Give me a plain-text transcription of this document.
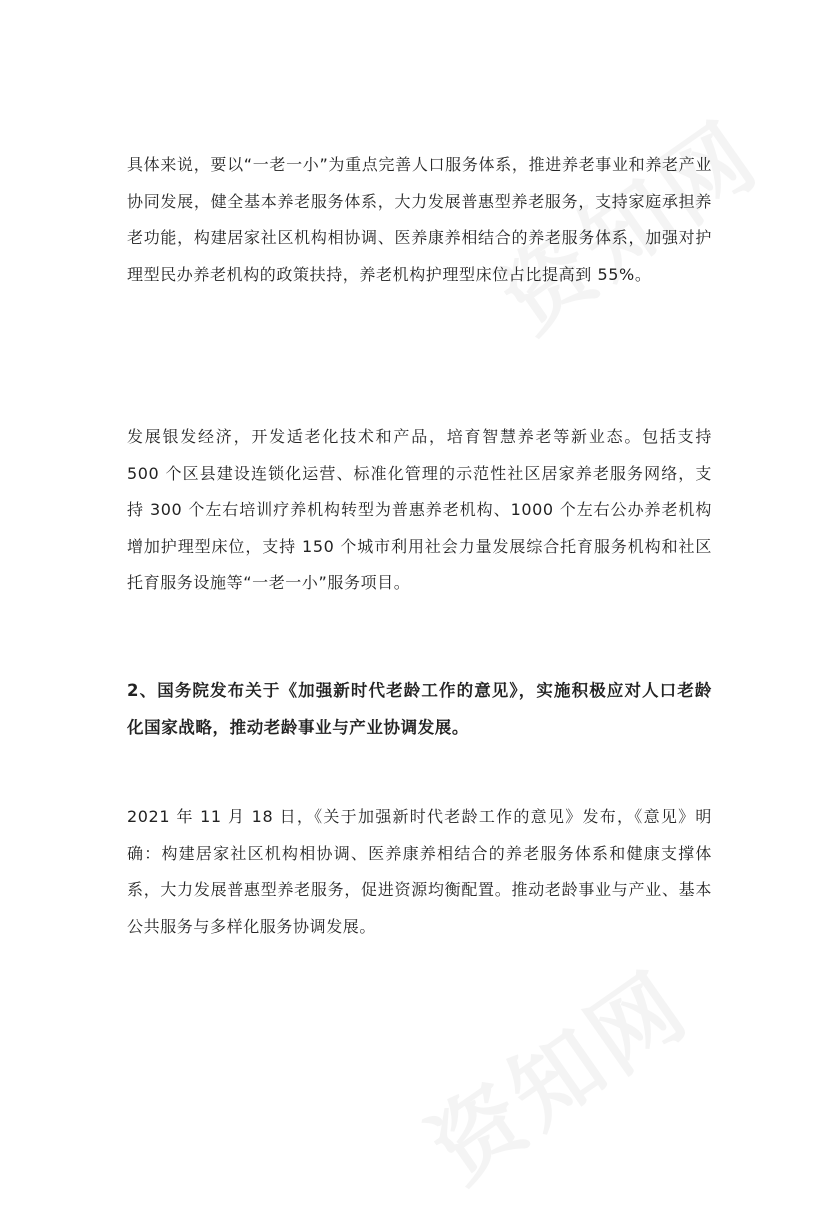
具体来说，要以“一老一小”为重点完善人口服务体系，推进养老事业和养老产业协同发展，健全基本养老服务体系，大力发展普惠型养老服务，支持家庭承担养老功能，构建居家社区机构相协调、医养康养相结合的养老服务体系，加强对护理型民办养老机构的政策扶持，养老机构护理型床位占比提高到 55%。

发展银发经济，开发适老化技术和产品，培育智慧养老等新业态。包括支持 500 个区县建设连锁化运营、标准化管理的示范性社区居家养老服务网络，支持 300 个左右培训疗养机构转型为普惠养老机构、1000 个左右公办养老机构增加护理型床位，支持 150 个城市利用社会力量发展综合托育服务机构和社区托育服务设施等“一老一小”服务项目。

2、国务院发布关于《加强新时代老龄工作的意见》，实施积极应对人口老龄化国家战略，推动老龄事业与产业协调发展。

2021 年 11 月 18 日，《关于加强新时代老龄工作的意见》发布，《意见》明确：构建居家社区机构相协调、医养康养相结合的养老服务体系和健康支撑体系，大力发展普惠型养老服务，促进资源均衡配置。推动老龄事业与产业、基本公共服务与多样化服务协调发展。
